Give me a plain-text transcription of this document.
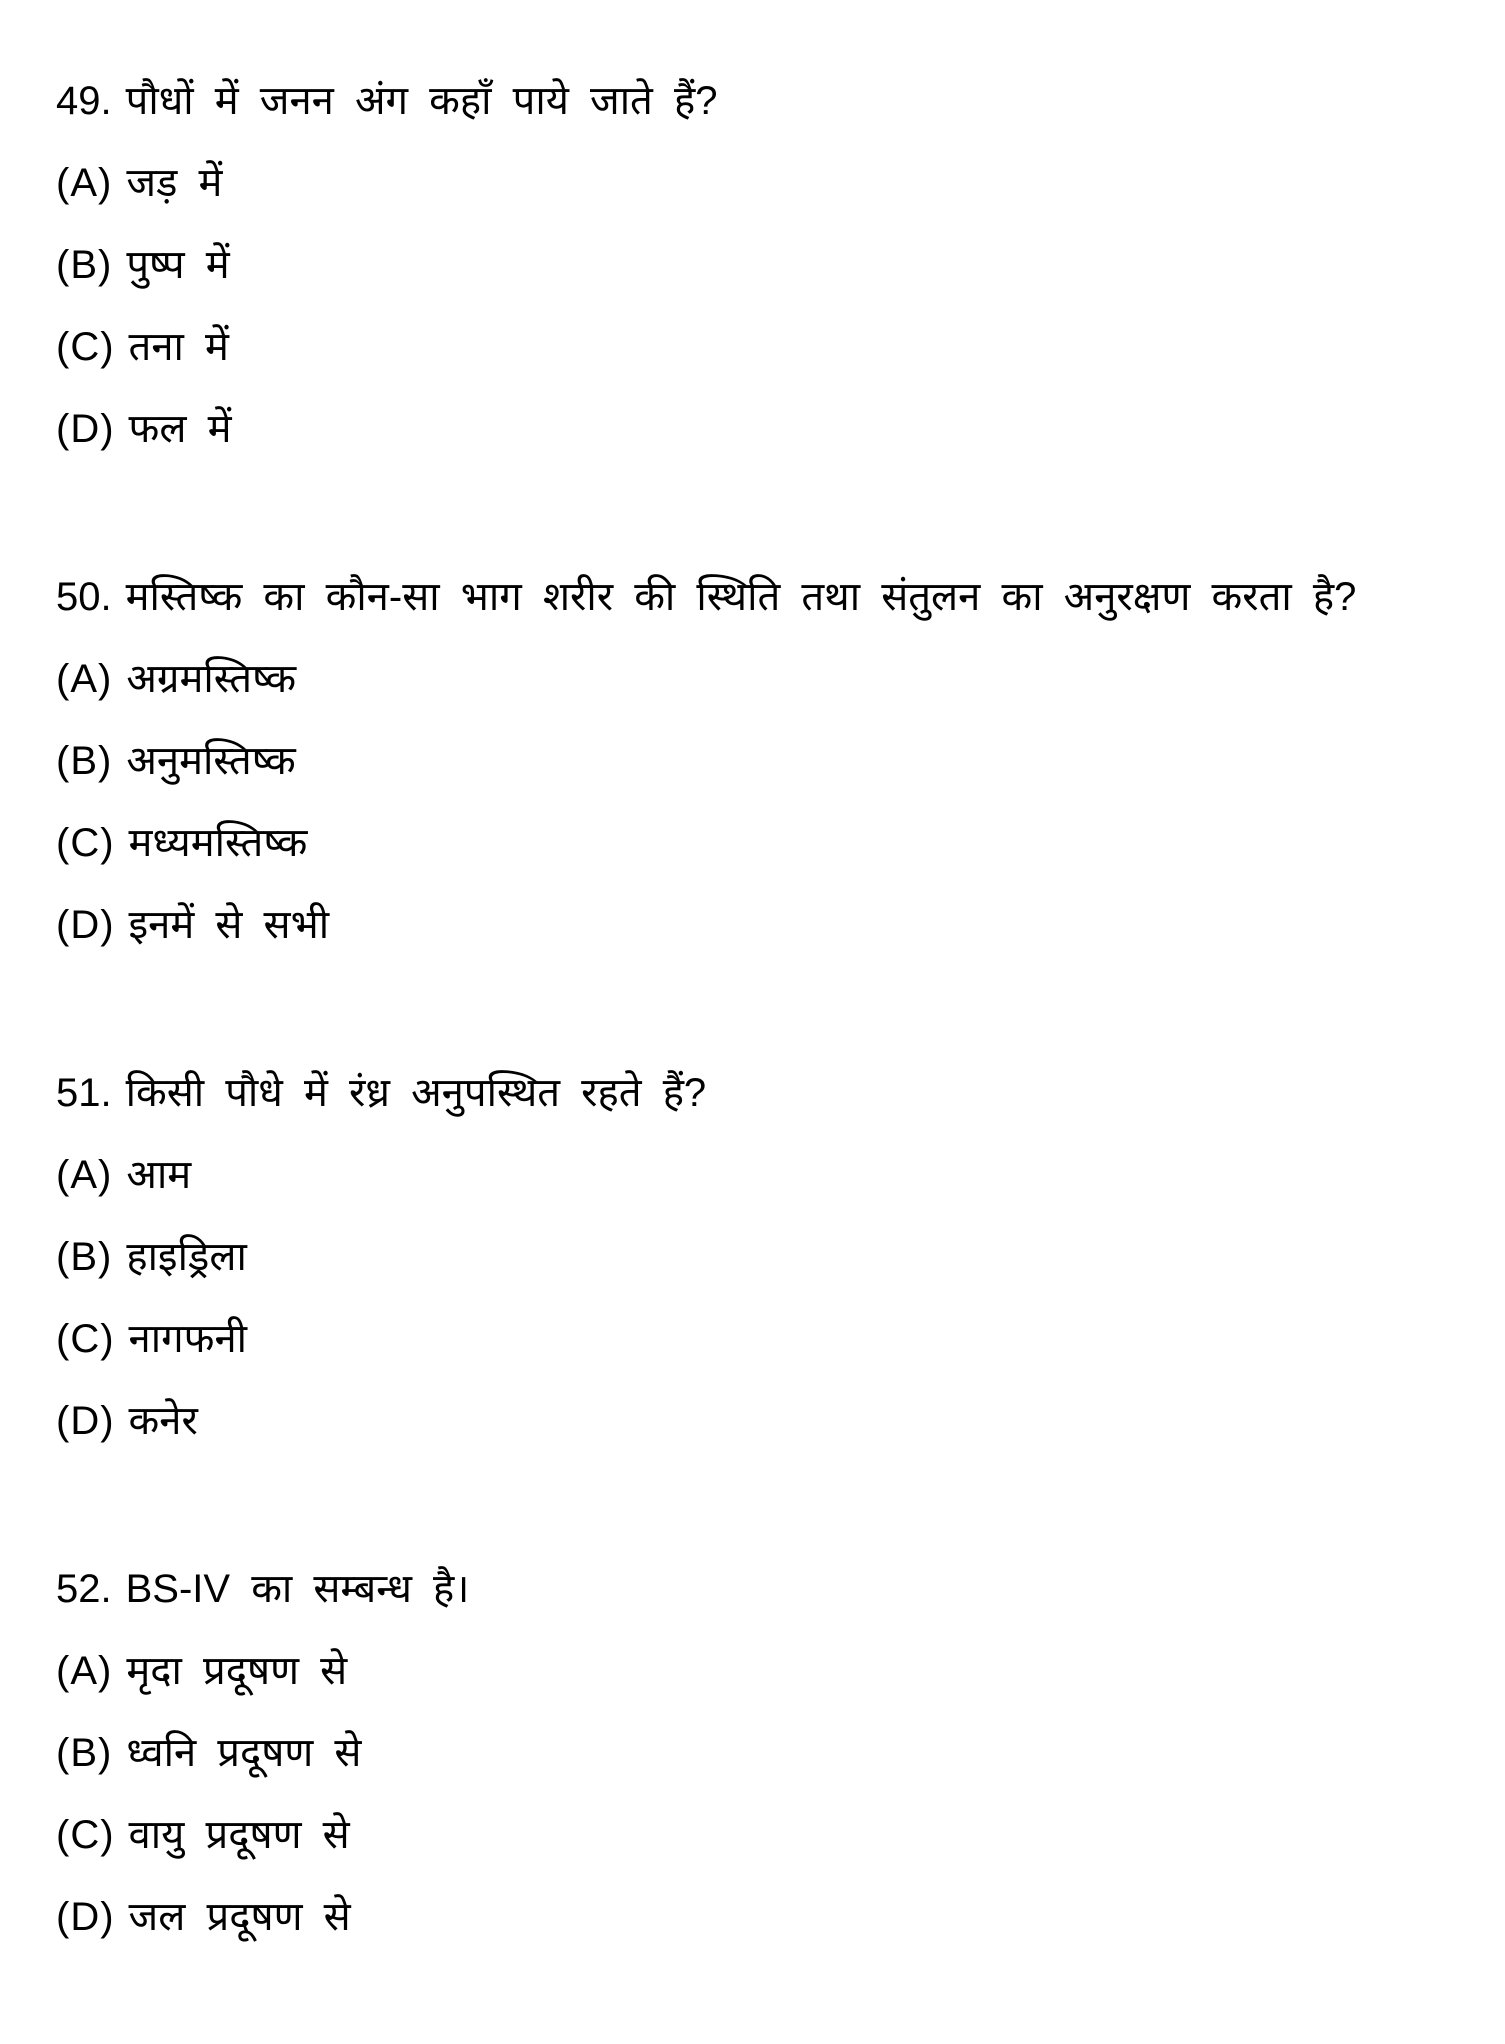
49. पौधों में जनन अंग कहाँ पाये जाते हैं?
(A) जड़ में
(B) पुष्प में
(C) तना में
(D) फल में
50. मस्तिष्क का कौन-सा भाग शरीर की स्थिति तथा संतुलन का अनुरक्षण करता है?
(A) अग्रमस्तिष्क
(B) अनुमस्तिष्क
(C) मध्यमस्तिष्क
(D) इनमें से सभी
51. किसी पौधे में रंध्र अनुपस्थित रहते हैं?
(A) आम
(B) हाइड्रिला
(C) नागफनी
(D) कनेर
52. BS-IV का सम्बन्ध है।
(A) मृदा प्रदूषण से
(B) ध्वनि प्रदूषण से
(C) वायु प्रदूषण से
(D) जल प्रदूषण से
